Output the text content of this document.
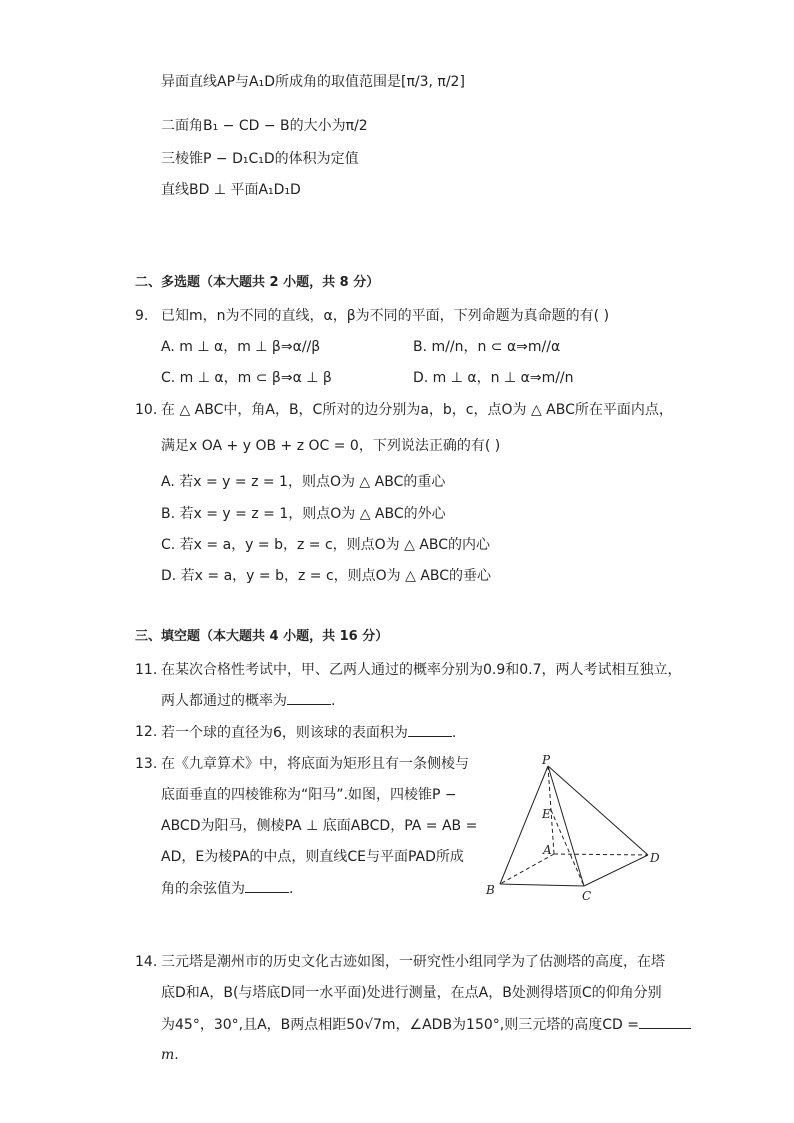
异面直线AP与A₁D所成角的取值范围是[π/3, π/2]
二面角B₁ − CD − B的大小为π/2
三棱锥P − D₁C₁D的体积为定值
直线BD ⊥ 平面A₁D₁D
二、多选题（本大题共 2 小题，共 8 分）
9. 已知m，n为不同的直线，α，β为不同的平面，下列命题为真命题的有( )
A. m ⊥ α，m ⊥ β⇒α//β	B. m//n，n ⊂ α⇒m//α
C. m ⊥ α，m ⊂ β⇒α ⊥ β	D. m ⊥ α，n ⊥ α⇒m//n
10. 在 △ ABC中，角A，B，C所对的边分别为a，b，c，点O为 △ ABC所在平面内点，
满足x OA + y OB + z OC = 0，下列说法正确的有( )
A. 若x = y = z = 1，则点O为 △ ABC的重心
B. 若x = y = z = 1，则点O为 △ ABC的外心
C. 若x = a，y = b，z = c，则点O为 △ ABC的内心
D. 若x = a，y = b，z = c，则点O为 △ ABC的垂心
三、填空题（本大题共 4 小题，共 16 分）
11. 在某次合格性考试中，甲、乙两人通过的概率分别为0.9和0.7，两人考试相互独立，
两人都通过的概率为	.
12. 若一个球的直径为6，则该球的表面积为	.
13. 在《九章算术》中，将底面为矩形且有一条侧棱与
底面垂直的四棱锥称为“阳马”.如图，四棱锥P −
ABCD为阳马，侧棱PA ⊥ 底面ABCD，PA = AB =
AD，E为棱PA的中点，则直线CE与平面PAD所成
角的余弦值为	.
P
E
A
B	C
D
14. 三元塔是潮州市的历史文化古迹如图，一研究性小组同学为了估测塔的高度，在塔
底D和A，B(与塔底D同一水平面)处进行测量，在点A，B处测得塔顶C的仰角分别
为45°，30°,且A，B两点相距50√7m，∠ADB为150°,则三元塔的高度CD =
m.
